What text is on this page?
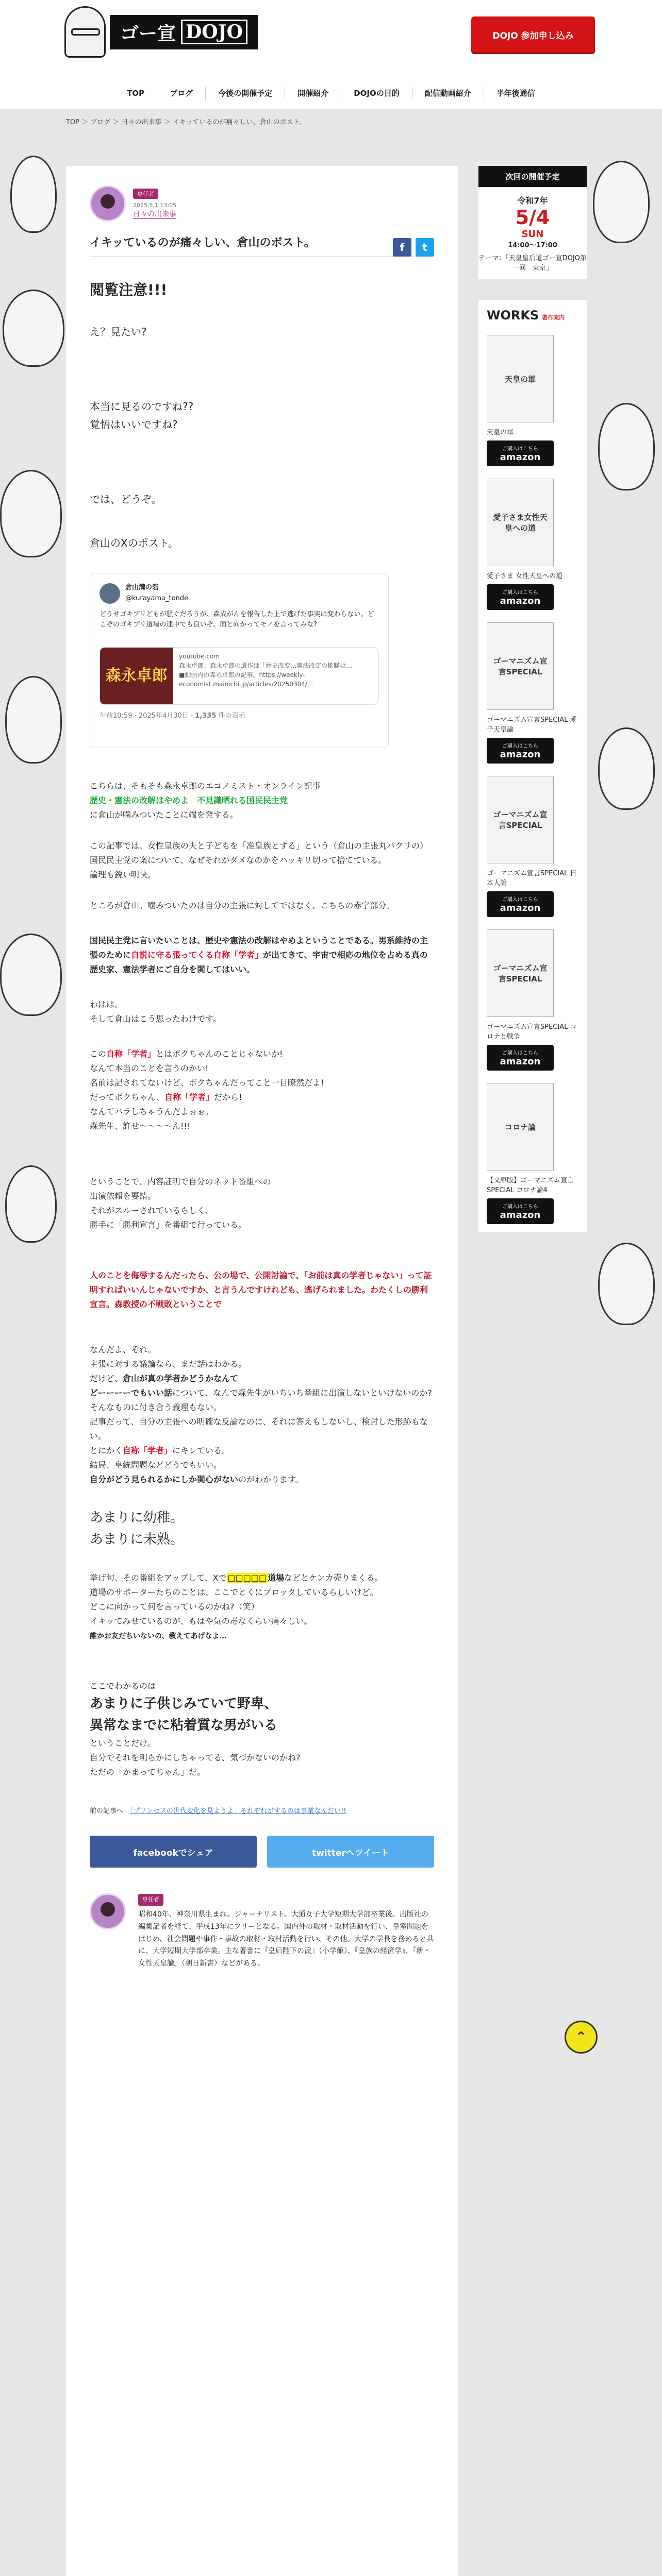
ゴー宣 DOJO	DOJO 参加申し込み
TOP	ブログ	今後の開催予定	開催紹介	DOJOの目的	配信動画紹介	半年後通信
TOP ＞ ブログ ＞ 日々の出来事 ＞ イキッているのが痛々しい、倉山のボスト。
専任者
2025.5.1 13:05
日々の出来事
f	t
イキッているのが痛々しい、倉山のボスト。

閲覧注意!!!

え？見たい?

本当に見るのですね??
覚悟はいいですね?

では、どうぞ。

倉山のXのポスト。

倉山満の砦
@kurayama_tonde

どうせゴキブリどもが騒ぐだろうが、森成がんを報告した上で逃げた事実は変わらない。どこぞのゴキブリ道場の連中でも良いぞ。面と向かってモノを言ってみな?

森永卓郎
youtube.com
森永卓郎：森永卓郎の遺作は「歴史改変…憲法改定の欺瞞は…
■動画内の森永卓郎の記事。https://weekly-economist.mainichi.jp/articles/20250304/...

午前10:59 · 2025年4月30日 · 1,335 件の表示

こちらは、そもそも森永卓郎のエコノミスト・オンライン記事
歴史・憲法の改解はやめよ　不見識晒れる国民民主党
に倉山が噛みついたことに端を発する。

この記事では、女性皇族の夫と子どもを「准皇族とする」という（倉山の主張丸パクリの）国民民主党の案について、なぜそれがダメなのかをハッキリ切って捨てている。
論理も鋭い明快。

ところが倉山。噛みついたのは自分の主張に対してではなく、こちらの赤字部分。

国民民主党に言いたいことは、歴史や憲法の改解はやめよということである。男系維持の主張のために自説に守る張ってくる自称「学者」が出てきて、宇宙で相応の地位を占める真の歴史家、憲法学者にご自分を関してはいい。

わはは。
そして倉山はこう思ったわけです。

この自称「学者」とはボクちゃんのことじゃないか!
なんて本当のことを言うのかい!
名前は記されてないけど、ボクちゃんだってこと一目瞭然だよ!
だってボクちゃん、自称「学者」だから!
なんてバラしちゃうんだよぉぉ。
森先生、許せ〜〜〜〜ん!!!

ということで、内容証明で自分のネット番組への
出演依頼を要請。
それがスルーされているらしく、
勝手に「勝利宣言」を番組で行っている。

人のことを侮辱するんだったら、公の場で、公開討論で、「お前は真の学者じゃない」って証明すればいいんじゃないですか、と言うんですけれども、逃げられました。わたくしの勝利宣言。森教授の不戦敗ということで

なんだよ、それ。
主張に対する議論なら、まだ話はわかる。
だけど、倉山が真の学者かどうかなんて
どーーーーでもいい話について、なんで森先生がいちいち番組に出演しないといけないのか?
そんなものに付き合う義理もない。
記事だって、自分の主張への明確な反論なのに、それに答えもしないし、検討した形跡もない。
とにかく自称「学者」にキレている。
結局、皇統問題などどうでもいい。
自分がどう見られるかにしか関心がないのがわかります。

あまりに幼稚。
あまりに未熟。

挙げ句、その番組をアップして、Xで □□□□□ 道場などとケンカ売りまくる。
道場のサポーターたちのことは、ここでとくにブロックしているらしいけど。
どこに向かって何を言っているのかね?（笑）
イキッてみせているのが、もはや気の毒なくらい痛々しい。
誰かお友だちいないの、教えてあげなよ…

ここでわかるのは
あまりに子供じみていて野卑、
異常なまでに粘着質な男がいる
ということだけ。
自分でそれを明らかにしちゃってる、気づかないのかね?
ただの「かまってちゃん」だ。

前の記事へ　 「プリンセスの世代変化を見ようよ」それぞれがするのは事業なんだい!!
facebookでシェア	twitterへツイート
専任者

昭和40年、神奈川県生まれ。ジャーナリスト。大通女子大学短期大学部卒業後。出版社の編集記者を経て、平成13年にフリーとなる。国内外の取材・取材活動を行い、皇室問題をはじめ、社会問題や事件・事故の取材・取材活動を行い、その他。大学の学長を務めると共に、大学短期大学部卒業。主な著書に『皇后陛下の涙』（小学館）、『皇族の経済学』、『新・女性天皇論』（朝日新書）などがある。

次回の開催予定
令和7年
5/4
SUN
14:00〜17:00
テーマ：「天皇皇后道ゴー宣DOJO第一回　東京」
WORKS 著作案内
天皇の軍
天皇の軍
ご購入はこちら
amazon
愛子さま女性天皇への道
愛子さま 女性天皇への道
ご購入はこちら
amazon
ゴーマニズム宣言SPECIAL
ゴーマニズム宣言SPECIAL 愛子天皇論
ご購入はこちら
amazon
ゴーマニズム宣言SPECIAL
ゴーマニズム宣言SPECIAL 日本人論
ご購入はこちら
amazon
ゴーマニズム宣言SPECIAL
ゴーマニズム宣言SPECIAL コロナと戦争
ご購入はこちら
amazon
コロナ論
【文庫版】ゴーマニズム宣言SPECIAL コロナ論4
ご購入はこちら
amazon
⌃
